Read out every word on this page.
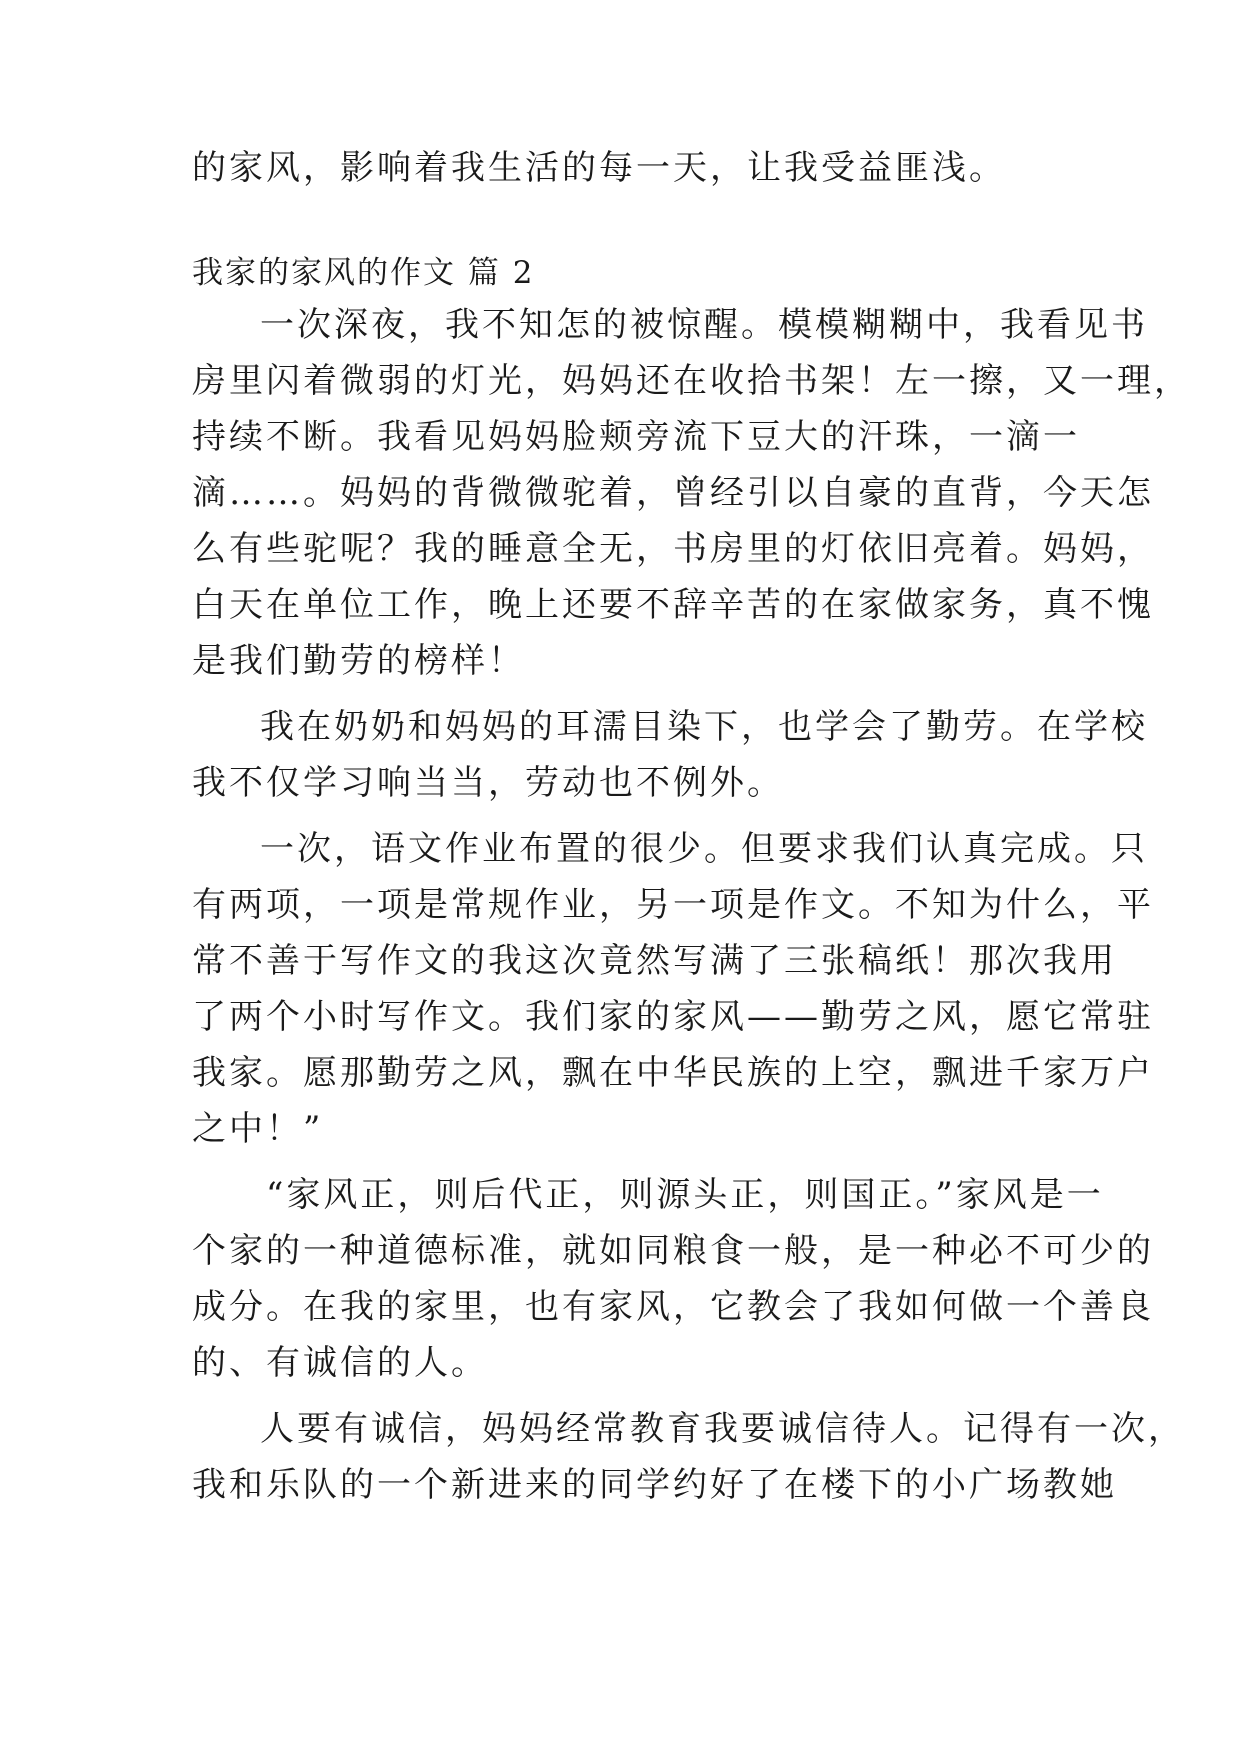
的家风，影响着我生活的每一天，让我受益匪浅。
我家的家风的作文 篇 2
一次深夜，我不知怎的被惊醒。模模糊糊中，我看见书
房里闪着微弱的灯光，妈妈还在收拾书架！左一擦，又一理，
持续不断。我看见妈妈脸颊旁流下豆大的汗珠，一滴一
滴……。妈妈的背微微驼着，曾经引以自豪的直背，今天怎
么有些驼呢？我的睡意全无，书房里的灯依旧亮着。妈妈，
白天在单位工作，晚上还要不辞辛苦的在家做家务，真不愧
是我们勤劳的榜样！
我在奶奶和妈妈的耳濡目染下，也学会了勤劳。在学校
我不仅学习响当当，劳动也不例外。
一次，语文作业布置的很少。但要求我们认真完成。只
有两项，一项是常规作业，另一项是作文。不知为什么，平
常不善于写作文的我这次竟然写满了三张稿纸！那次我用
了两个小时写作文。我们家的家风——勤劳之风，愿它常驻
我家。愿那勤劳之风，飘在中华民族的上空，飘进千家万户
之中！”
“家风正，则后代正，则源头正，则国正。”家风是一
个家的一种道德标准，就如同粮食一般，是一种必不可少的
成分。在我的家里，也有家风，它教会了我如何做一个善良
的、有诚信的人。
人要有诚信，妈妈经常教育我要诚信待人。记得有一次，
我和乐队的一个新进来的同学约好了在楼下的小广场教她
